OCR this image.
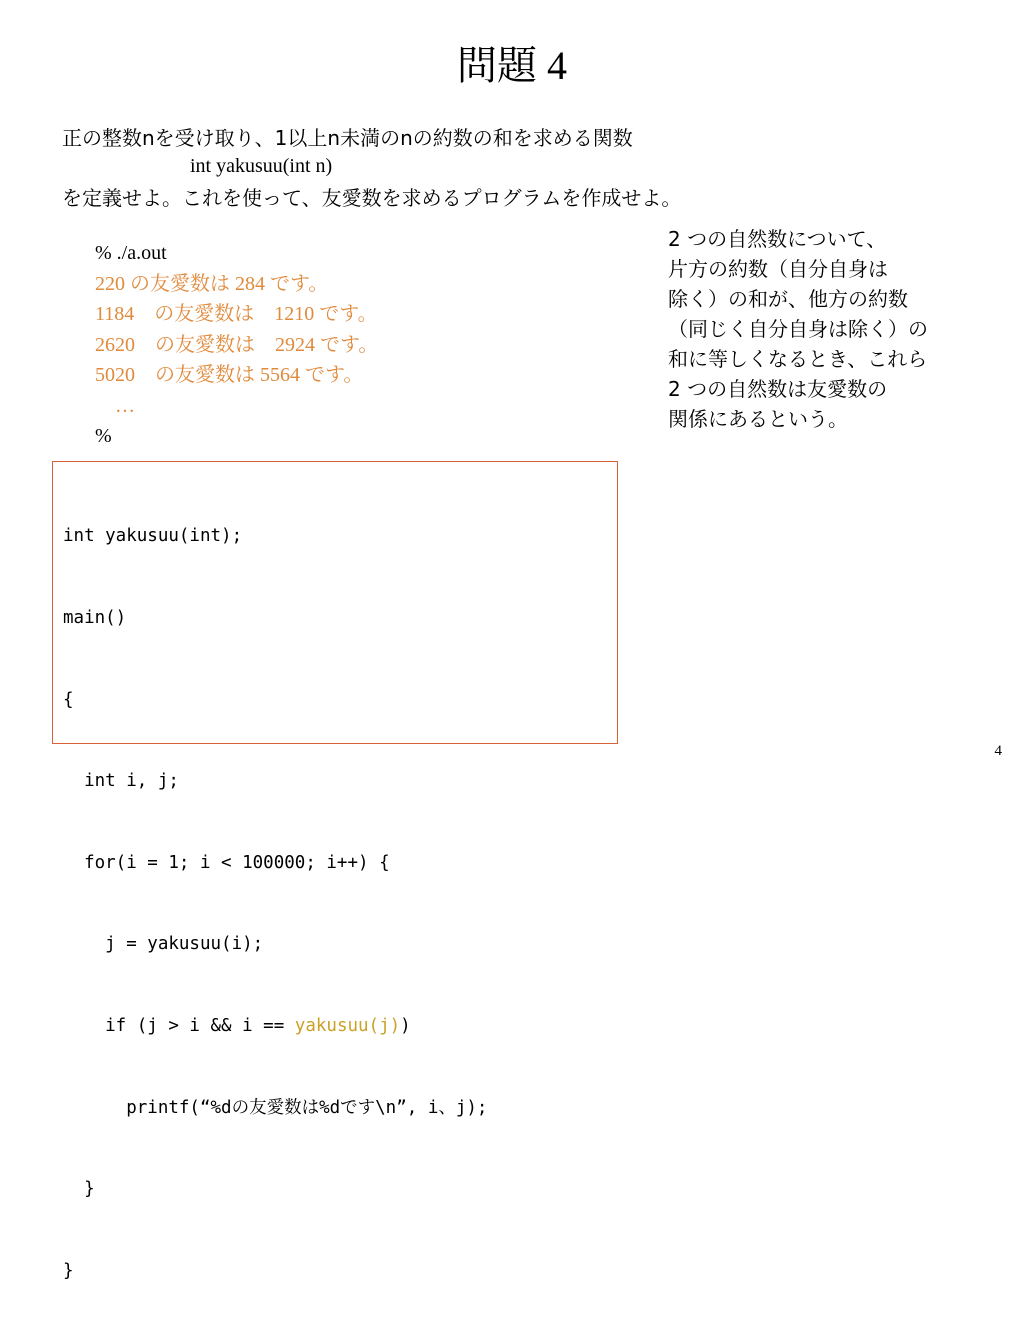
問題 4
正の整数nを受け取り、1以上n未満のnの約数の和を求める関数
int yakusuu(int n)
を定義せよ。これを使って、友愛数を求めるプログラムを作成せよ。
% ./a.out
220 の友愛数は 284 です。
1184　の友愛数は　1210 です。
2620　の友愛数は　2924 です。
5020　の友愛数は 5564 です。
…
%
2 つの自然数について、
片方の約数（自分自身は
除く）の和が、他方の約数
（同じく自分自身は除く）の
和に等しくなるとき、これら
2 つの自然数は友愛数の
関係にあるという。

int yakusuu(int);

main()

{

int i, j;

for(i = 1; i < 100000; i++) {

j = yakusuu(i);

if (j > i && i == yakusuu(j))

printf(“%dの友愛数は%dです\n”, i、j);

}

}

4
